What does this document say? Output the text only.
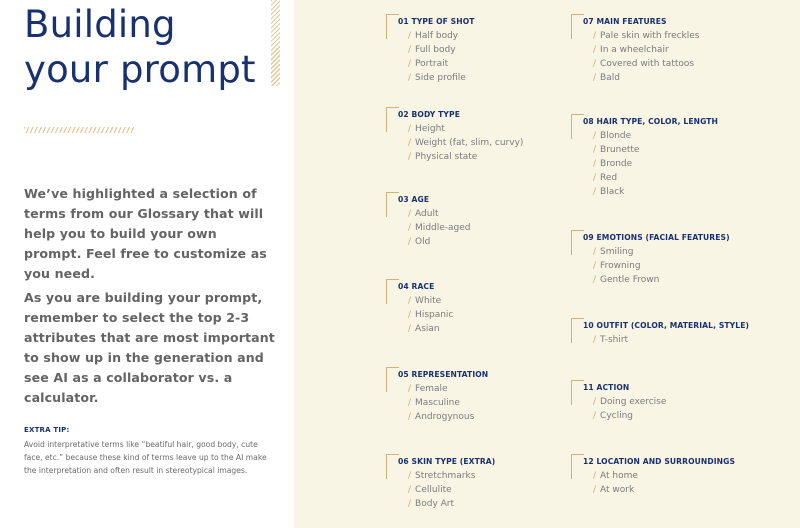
Building
your prompt

We’ve highlighted a selection of terms from our Glossary that will help you to build your own prompt. Feel free to customize as you need.

As you are building your prompt, remember to select the top 2-3 attributes that are most important to show up in the generation and see AI as a collaborator vs. a calculator.

EXTRA TIP:

Avoid interpretative terms like “beatiful hair, good body, cute face, etc.” because these kind of terms leave up to the AI make the interpretation and often result in stereotypical images.

01 TYPE OF SHOT

/ Half body
/ Full body
/ Portrait
/ Side profile

02 BODY TYPE

/ Height
/ Weight (fat, slim, curvy)
/ Physical state

03 AGE

/ Adult
/ Middle-aged
/ Old

04 RACE

/ White
/ Hispanic
/ Asian

05 REPRESENTATION

/ Female
/ Masculine
/ Androgynous

06 SKIN TYPE (EXTRA)

/ Stretchmarks
/ Cellulite
/ Body Art

07 MAIN FEATURES

/ Pale skin with freckles
/ In a wheelchair
/ Covered with tattoos
/ Bald

08 HAIR TYPE, COLOR, LENGTH

/ Blonde
/ Brunette
/ Bronde
/ Red
/ Black

09 EMOTIONS (FACIAL FEATURES)

/ Smiling
/ Frowning
/ Gentle Frown

10 OUTFIT (COLOR, MATERIAL, STYLE)

/ T-shirt

11 ACTION

/ Doing exercise
/ Cycling

12 LOCATION AND SURROUNDINGS

/ At home
/ At work
